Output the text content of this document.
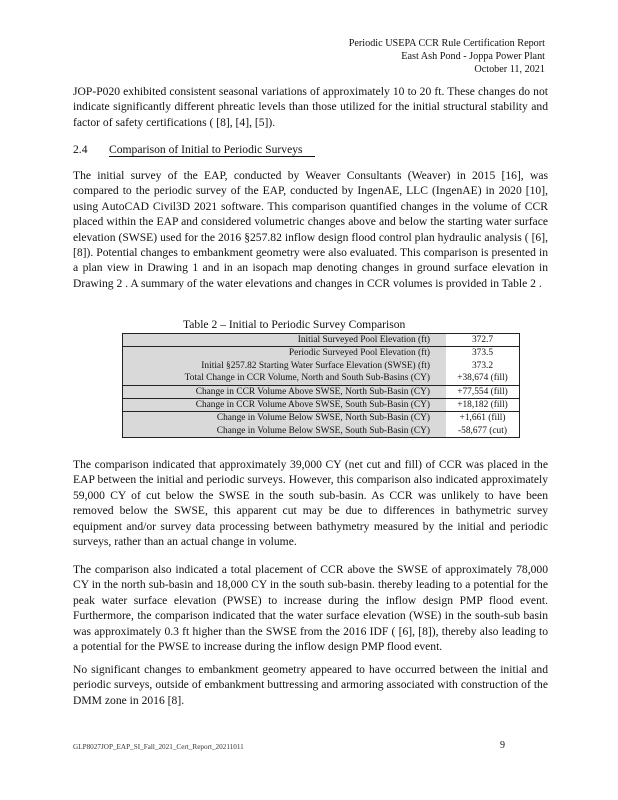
Periodic USEPA CCR Rule Certification Report
East Ash Pond - Joppa Power Plant
October 11, 2021

JOP-P020 exhibited consistent seasonal variations of approximately 10 to 20 ft. These changes do not indicate significantly different phreatic levels than those utilized for the initial structural stability and factor of safety certifications ( [8], [4], [5]).

2.4 Comparison of Initial to Periodic Surveys

The initial survey of the EAP, conducted by Weaver Consultants (Weaver) in 2015 [16], was compared to the periodic survey of the EAP, conducted by IngenAE, LLC (IngenAE) in 2020 [10], using AutoCAD Civil3D 2021 software. This comparison quantified changes in the volume of CCR placed within the EAP and considered volumetric changes above and below the starting water surface elevation (SWSE) used for the 2016 §257.82 inflow design flood control plan hydraulic analysis ( [6], [8]). Potential changes to embankment geometry were also evaluated. This comparison is presented in a plan view in Drawing 1 and in an isopach map denoting changes in ground surface elevation in Drawing 2 . A summary of the water elevations and changes in CCR volumes is provided in Table 2 .

Table 2 – Initial to Periodic Survey Comparison
Initial Surveyed Pool Elevation (ft)	372.7
Periodic Surveyed Pool Elevation (ft)	373.5
Initial §257.82 Starting Water Surface Elevation (SWSE) (ft)	373.2
Total Change in CCR Volume, North and South Sub-Basins (CY)	+38,674 (fill)
Change in CCR Volume Above SWSE, North Sub-Basin (CY)	+77,554 (fill)
Change in CCR Volume Above SWSE, South Sub-Basin (CY)	+18,182 (fill)
Change in Volume Below SWSE, North Sub-Basin (CY)	+1,661 (fill)
Change in Volume Below SWSE, South Sub-Basin (CY)	-58,677 (cut)

The comparison indicated that approximately 39,000 CY (net cut and fill) of CCR was placed in the EAP between the initial and periodic surveys. However, this comparison also indicated approximately 59,000 CY of cut below the SWSE in the south sub-basin. As CCR was unlikely to have been removed below the SWSE, this apparent cut may be due to differences in bathymetric survey equipment and/or survey data processing between bathymetry measured by the initial and periodic surveys, rather than an actual change in volume.

The comparison also indicated a total placement of CCR above the SWSE of approximately 78,000 CY in the north sub-basin and 18,000 CY in the south sub-basin. thereby leading to a potential for the peak water surface elevation (PWSE) to increase during the inflow design PMP flood event. Furthermore, the comparison indicated that the water surface elevation (WSE) in the south-sub basin was approximately 0.3 ft higher than the SWSE from the 2016 IDF ( [6], [8]), thereby also leading to a potential for the PWSE to increase during the inflow design PMP flood event.

No significant changes to embankment geometry appeared to have occurred between the initial and periodic surveys, outside of embankment buttressing and armoring associated with construction of the DMM zone in 2016 [8].

GLP8027JOP_EAP_SI_Fall_2021_Cert_Report_20211011	9
